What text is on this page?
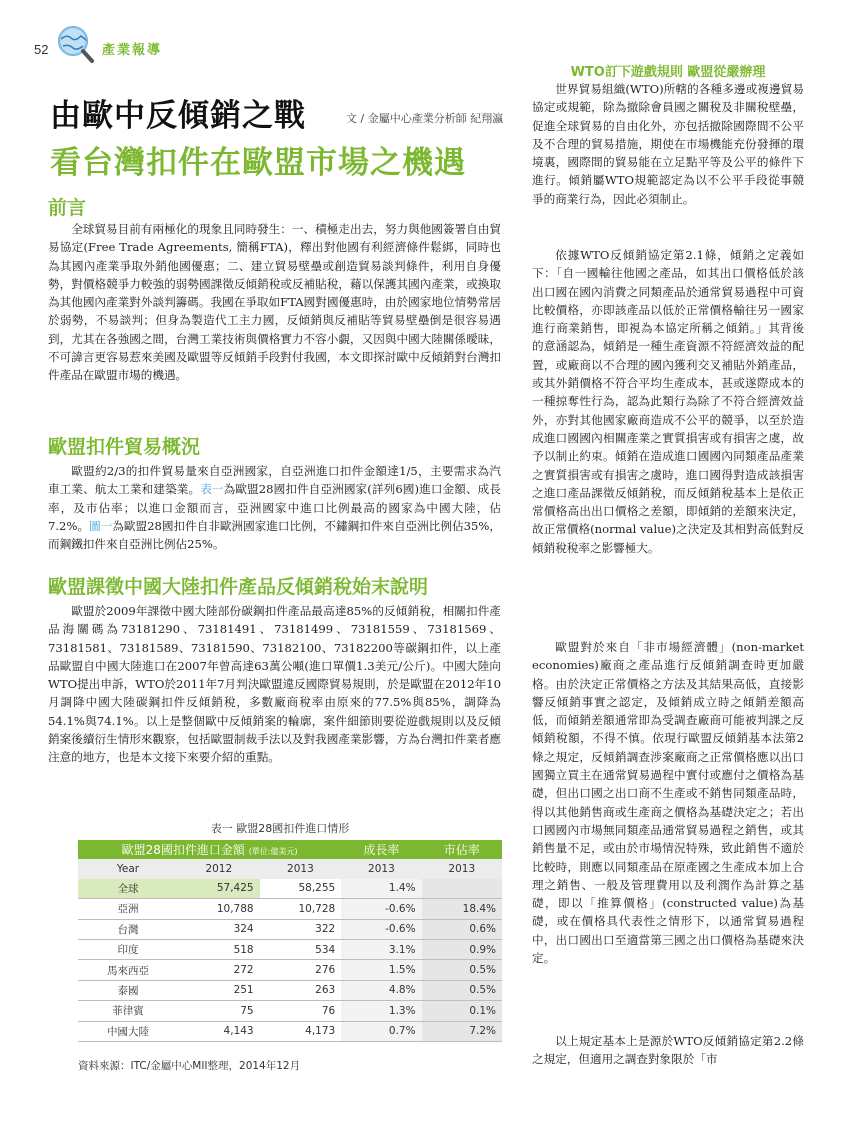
52	產業報導
由歐中反傾銷之戰	文 / 金屬中心產業分析師 紀翔瀛
看台灣扣件在歐盟市場之機遇
前言
全球貿易目前有兩極化的現象且同時發生：一、積極走出去，努力與他國簽署自由貿易協定(Free Trade Agreements, 簡稱FTA)，釋出對他國有利經濟條件鬆綁，同時也為其國內產業爭取外銷他國優惠；二、建立貿易壁壘或創造貿易談判條件，利用自身優勢，對價格競爭力較強的弱勢國課徵反傾銷稅或反補貼稅，藉以保護其國內產業，或換取為其他國內產業對外談判籌碼。我國在爭取如FTA國對國優惠時，由於國家地位情勢常居於弱勢，不易談判；但身為製造代工主力國，反傾銷與反補貼等貿易壁壘倒是很容易遇到，尤其在各強國之間，台灣工業技術與價格實力不容小覷，又因與中國大陸關係曖昧，不可諱言更容易惹來美國及歐盟等反傾銷手段對付我國，本文即探討歐中反傾銷對台灣扣件產品在歐盟市場的機遇。
歐盟扣件貿易概況
歐盟約2/3的扣件貿易量來自亞洲國家，自亞洲進口扣件金額達1/5，主要需求為汽車工業、航太工業和建築業。表一為歐盟28國扣件自亞洲國家(詳列6國)進口金額、成長率，及市佔率；以進口金額而言，亞洲國家中進口比例最高的國家為中國大陸，佔7.2%。圖一為歐盟28國扣件自非歐洲國家進口比例，不鏽鋼扣件來自亞洲比例佔35%，而鋼鐵扣件來自亞洲比例佔25%。
歐盟課徵中國大陸扣件產品反傾銷稅始末說明
歐盟於2009年課徵中國大陸部份碳鋼扣件產品最高達85%的反傾銷稅，相關扣件產品海關碼為73181290、73181491、73181499、73181559、73181569、73181581、73181589、73181590、73182100、73182200等碳鋼扣件，以上產品歐盟自中國大陸進口在2007年曾高達63萬公噸(進口單價1.3美元/公斤)。中國大陸向WTO提出申訴，WTO於2011年7月判決歐盟違反國際貿易規則，於是歐盟在2012年10月調降中國大陸碳鋼扣件反傾銷稅，多數廠商稅率由原來的77.5%與85%，調降為54.1%與74.1%。以上是整個歐中反傾銷案的輪廓，案件細節則要從遊戲規則以及反傾銷案後續衍生情形來觀察，包括歐盟制裁手法以及對我國產業影響，方為台灣扣件業者應注意的地方，也是本文接下來要介紹的重點。
表一 歐盟28國扣件進口情形
歐盟28國扣件進口金額 (單位:億美元)			成長率	市佔率
Year	2012	2013	2013	2013
全球	57,425	58,255	1.4%	
亞洲	10,788	10,728	-0.6%	18.4%
台灣	324	322	-0.6%	0.6%
印度	518	534	3.1%	0.9%
馬來西亞	272	276	1.5%	0.5%
泰國	251	263	4.8%	0.5%
菲律賓	75	76	1.3%	0.1%
中國大陸	4,143	4,173	0.7%	7.2%
資料來源：ITC/金屬中心MII整理，2014年12月
WTO訂下遊戲規則 歐盟從嚴辦理
世界貿易組織(WTO)所轄的各種多邊或複邊貿易協定或規範，除為撤除會員國之關稅及非關稅壁壘，促進全球貿易的自由化外，亦包括撤除國際間不公平及不合理的貿易措施，期使在市場機能充份發揮的環境裏，國際間的貿易能在立足點平等及公平的條件下進行。傾銷屬WTO規範認定為以不公平手段從事競爭的商業行為，因此必須制止。
依據WTO反傾銷協定第2.1條，傾銷之定義如下：「自一國輸往他國之產品，如其出口價格低於該出口國在國內消費之同類產品於通常貿易過程中可資比較價格，亦即該產品以低於正常價格輸往另一國家進行商業銷售，即視為本協定所稱之傾銷。」其背後的意涵認為，傾銷是一種生產資源不符經濟效益的配置，或廠商以不合理的國內獲利交叉補貼外銷產品，或其外銷價格不符合平均生產成本，甚或遂際成本的一種掠奪性行為，認為此類行為除了不符合經濟效益外，亦對其他國家廠商造成不公平的競爭，以至於造成進口國國內相關產業之實質損害或有損害之虞，故予以制止約束。傾銷在造成進口國國內同類產品產業之實質損害或有損害之虞時，進口國得對造成該損害之進口產品課徵反傾銷稅，而反傾銷稅基本上是依正常價格高出出口價格之差額，即傾銷的差額來決定，故正常價格(normal value)之決定及其相對高低對反傾銷稅稅率之影響極大。
歐盟對於來自「非市場經濟體」(non-market economies)廠商之產品進行反傾銷調查時更加嚴格。由於決定正常價格之方法及其結果高低，直接影響反傾銷事實之認定，及傾銷成立時之傾銷差額高低，而傾銷差額通常即為受調查廠商可能被判課之反傾銷稅額，不得不慎。依現行歐盟反傾銷基本法第2條之規定，反傾銷調查涉案廠商之正常價格應以出口國獨立買主在通常貿易過程中實付或應付之價格為基礎，但出口國之出口商不生產或不銷售同類產品時，得以其他銷售商或生產商之價格為基礎決定之；若出口國國內市場無同類產品通常貿易過程之銷售，或其銷售量不足，或由於市場情況特殊，致此銷售不適於比較時，則應以同類產品在原產國之生產成本加上合理之銷售、一般及管理費用以及利潤作為計算之基礎，即以「推算價格」(constructed value)為基礎，或在價格具代表性之情形下，以通常貿易過程中，出口國出口至適當第三國之出口價格為基礎來決定。
以上規定基本上是源於WTO反傾銷協定第2.2條之規定，但適用之調查對象限於「市
